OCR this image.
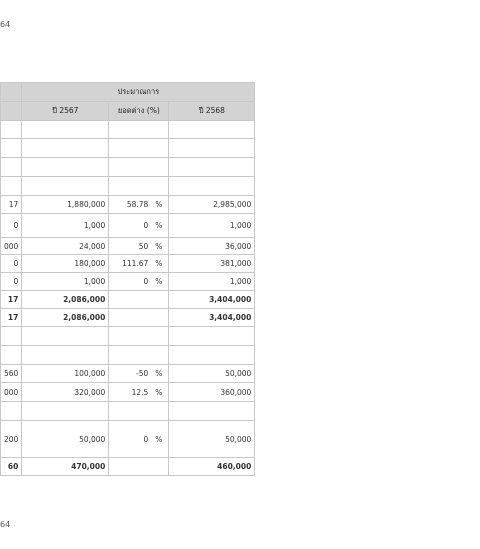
64
	ประมาณการ		
	ปี 2567	ยอดต่าง (%)	ปี 2568

17	1,880,000	58.78 %	2,985,000
0	1,000	0 %	1,000
000	24,000	50 %	36,000
0	180,000	111.67 %	381,000
0	1,000	0 %	1,000
17	2,086,000		3,404,000
17	2,086,000		3,404,000

560	100,000	-50 %	50,000
000	320,000	12.5 %	360,000

200	50,000	0 %	50,000
60	470,000		460,000
64
